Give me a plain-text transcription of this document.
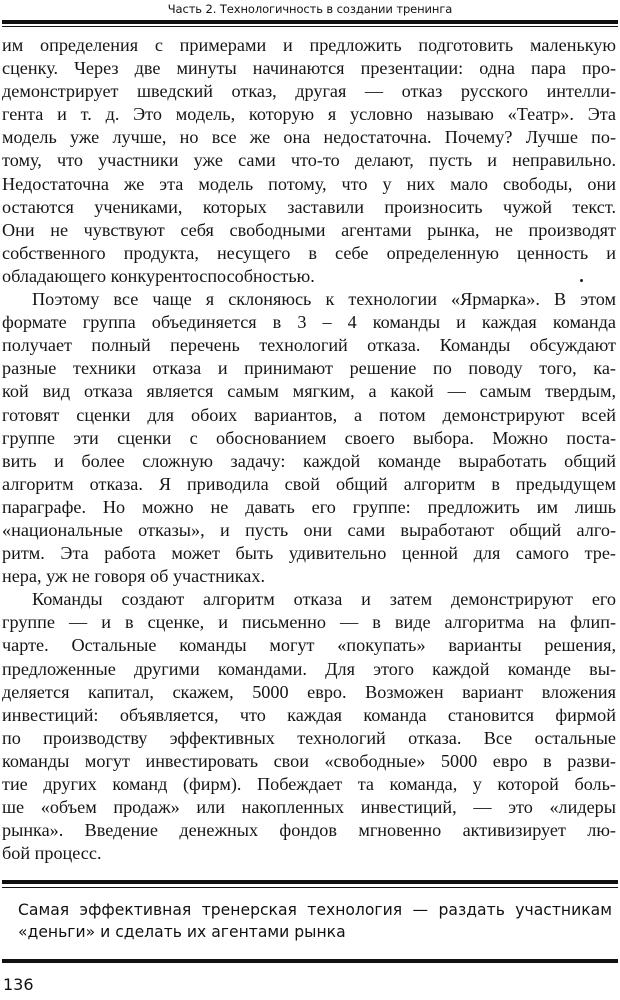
Часть 2. Технологичность в создании тренинга
им определения с примерами и предложить подготовить маленькую
сценку. Через две минуты начинаются презентации: одна пара про-
демонстрирует шведский отказ, другая — отказ русского интелли-
гента и т. д. Это модель, которую я условно называю «Театр». Эта
модель уже лучше, но все же она недостаточна. Почему? Лучше по-
тому, что участники уже сами что-то делают, пусть и неправильно.
Недостаточна же эта модель потому, что у них мало свободы, они
остаются учениками, которых заставили произносить чужой текст.
Они не чувствуют себя свободными агентами рынка, не производят
собственного продукта, несущего в себе определенную ценность и
обладающего конкурентоспособностью.
Поэтому все чаще я склоняюсь к технологии «Ярмарка». В этом
формате группа объединяется в 3 – 4 команды и каждая команда
получает полный перечень технологий отказа. Команды обсуждают
разные техники отказа и принимают решение по поводу того, ка-
кой вид отказа является самым мягким, а какой — самым твердым,
готовят сценки для обоих вариантов, а потом демонстрируют всей
группе эти сценки с обоснованием своего выбора. Можно поста-
вить и более сложную задачу: каждой команде выработать общий
алгоритм отказа. Я приводила свой общий алгоритм в предыдущем
параграфе. Но можно не давать его группе: предложить им лишь
«национальные отказы», и пусть они сами выработают общий алго-
ритм. Эта работа может быть удивительно ценной для самого тре-
нера, уж не говоря об участниках.
Команды создают алгоритм отказа и затем демонстрируют его
группе — и в сценке, и письменно — в виде алгоритма на флип-
чарте. Остальные команды могут «покупать» варианты решения,
предложенные другими командами. Для этого каждой команде вы-
деляется капитал, скажем, 5000 евро. Возможен вариант вложения
инвестиций: объявляется, что каждая команда становится фирмой
по производству эффективных технологий отказа. Все остальные
команды могут инвестировать свои «свободные» 5000 евро в разви-
тие других команд (фирм). Побеждает та команда, у которой боль-
ше «объем продаж» или накопленных инвестиций, — это «лидеры
рынка». Введение денежных фондов мгновенно активизирует лю-
бой процесс.
Самая эффективная тренерская технология — раздать участникам
«деньги» и сделать их агентами рынка
136
